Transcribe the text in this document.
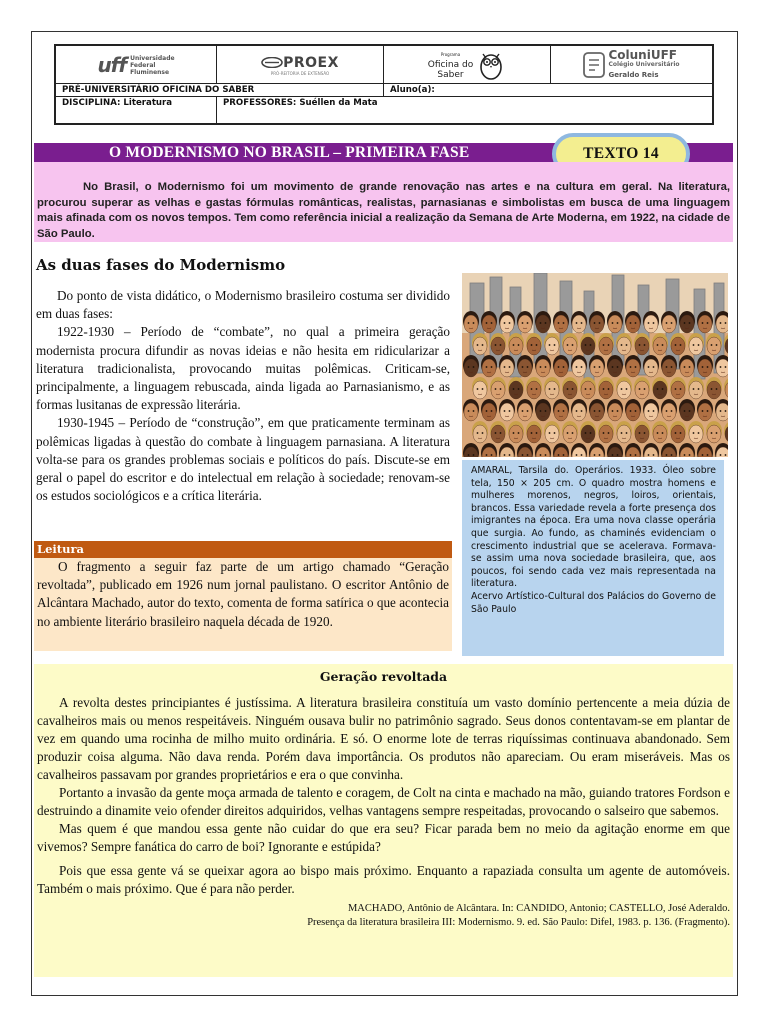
uff Universidade
Federal
Fluminense
PROEX
PRÓ-REITORIA DE EXTENSÃO
Programa
Oficina do
Saber
ColuniUFF
Colégio Universitário
Geraldo Reis
PRÉ-UNIVERSITÁRIO OFICINA DO SABER	Aluno(a):
DISCIPLINA: Literatura	PROFESSORES: Suéllen da Mata
O MODERNISMO NO BRASIL – PRIMEIRA FASE	TEXTO 14

No Brasil, o Modernismo foi um movimento de grande renovação nas artes e na cultura em geral. Na literatura, procurou superar as velhas e gastas fórmulas românticas, realistas, parnasianas e simbolistas em busca de uma linguagem mais afinada com os novos tempos. Tem como referência inicial a realização da Semana de Arte Moderna, em 1922, na cidade de São Paulo.

As duas fases do Modernismo

Do ponto de vista didático, o Modernismo brasileiro costuma ser dividido em duas fases:

1922-1930 – Período de “combate”, no qual a primeira geração modernista procura difundir as novas ideias e não hesita em ridicularizar a literatura tradicionalista, provocando muitas polêmicas. Criticam-se, principalmente, a linguagem rebuscada, ainda ligada ao Parnasianismo, e as formas lusitanas de expressão literária.

1930-1945 – Período de “construção”, em que praticamente terminam as polêmicas ligadas à questão do combate à linguagem parnasiana. A literatura volta-se para os grandes problemas sociais e políticos do país. Discute-se em geral o papel do escritor e do intelectual em relação à sociedade; renovam-se os estudos sociológicos e a crítica literária.

AMARAL, Tarsila do. Operários. 1933. Óleo sobre tela, 150 × 205 cm. O quadro mostra homens e mulheres morenos, negros, loiros, orientais, brancos. Essa variedade revela a forte presença dos imigrantes na época. Era uma nova classe operária que surgia. Ao fundo, as chaminés evidenciam o crescimento industrial que se acelerava. Formava-se assim uma nova sociedade brasileira, que, aos poucos, foi sendo cada vez mais representada na literatura.
Acervo Artístico-Cultural dos Palácios do Governo de São Paulo
Leitura

O fragmento a seguir faz parte de um artigo chamado “Geração revoltada”, publicado em 1926 num jornal paulistano. O escritor Antônio de Alcântara Machado, autor do texto, comenta de forma satírica o que acontecia no ambiente literário brasileiro naquela década de 1920.

Geração revoltada

A revolta destes principiantes é justíssima. A literatura brasileira constituía um vasto domínio pertencente a meia dúzia de cavalheiros mais ou menos respeitáveis. Ninguém ousava bulir no patrimônio sagrado. Seus donos contentavam-se em plantar de vez em quando uma rocinha de milho muito ordinária. E só. O enorme lote de terras riquíssimas continuava abandonado. Sem produzir coisa alguma. Não dava renda. Porém dava importância. Os produtos não apareciam. Ou eram miseráveis. Mas os cavalheiros passavam por grandes proprietários e era o que convinha.

Portanto a invasão da gente moça armada de talento e coragem, de Colt na cinta e machado na mão, guiando tratores Fordson e destruindo a dinamite veio ofender direitos adquiridos, velhas vantagens sempre respeitadas, provocando o salseiro que sabemos.

Mas quem é que mandou essa gente não cuidar do que era seu? Ficar parada bem no meio da agitação enorme em que vivemos? Sempre fanática do carro de boi? Ignorante e estúpida?

Pois que essa gente vá se queixar agora ao bispo mais próximo. Enquanto a rapaziada consulta um agente de automóveis. Também o mais próximo. Que é para não perder.

MACHADO, Antônio de Alcântara. In: CANDIDO, Antonio; CASTELLO, José Aderaldo.
Presença da literatura brasileira III: Modernismo. 9. ed. São Paulo: Difel, 1983. p. 136. (Fragmento).
